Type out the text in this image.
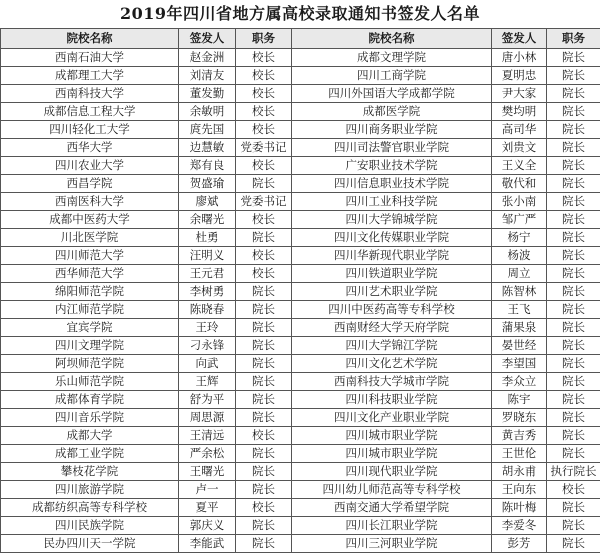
2019年四川省地方属高校录取通知书签发人名单
院校名称	签发人	职务	院校名称	签发人	职务
西南石油大学	赵金洲	校长	成都文理学院	唐小林	院长
成都理工大学	刘清友	校长	四川工商学院	夏明忠	院长
西南科技大学	董发勤	校长	四川外国语大学成都学院	尹大家	院长
成都信息工程大学	余敏明	校长	成都医学院	樊均明	院长
四川轻化工大学	庹先国	校长	四川商务职业学院	高司华	院长
西华大学	边慧敏	党委书记	四川司法警官职业学院	刘贵文	院长
四川农业大学	郑有良	校长	广安职业技术学院	王义全	院长
西昌学院	贺盛瑜	院长	四川信息职业技术学院	敬代和	院长
西南医科大学	廖斌	党委书记	四川工业科技学院	张小南	院长
成都中医药大学	余曙光	校长	四川大学锦城学院	邹广严	院长
川北医学院	杜勇	院长	四川文化传媒职业学院	杨宁	院长
四川师范大学	汪明义	校长	四川华新现代职业学院	杨波	院长
西华师范大学	王元君	校长	四川铁道职业学院	周立	院长
绵阳师范学院	李树勇	院长	四川艺术职业学院	陈智林	院长
内江师范学院	陈晓春	院长	四川中医药高等专科学校	王飞	院长
宜宾学院	王玲	院长	西南财经大学天府学院	蒲果泉	院长
四川文理学院	刁永锋	院长	四川大学锦江学院	晏世经	院长
阿坝师范学院	向武	院长	四川文化艺术学院	李望国	院长
乐山师范学院	王辉	院长	西南科技大学城市学院	李众立	院长
成都体育学院	舒为平	院长	四川科技职业学院	陈宇	院长
四川音乐学院	周思源	院长	四川文化产业职业学院	罗晓东	院长
成都大学	王清远	校长	四川城市职业学院	黄吉秀	院长
成都工业学院	严余松	院长	四川城市职业学院	王世伦	院长
攀枝花学院	王曙光	院长	四川现代职业学院	胡永甫	执行院长
四川旅游学院	卢一	院长	四川幼儿师范高等专科学校	王向东	校长
成都纺织高等专科学校	夏平	校长	西南交通大学希望学院	陈叶梅	院长
四川民族学院	郭庆义	院长	四川长江职业学院	李爱冬	院长
民办四川天一学院	李能武	院长	四川三河职业学院	彭芳	院长
